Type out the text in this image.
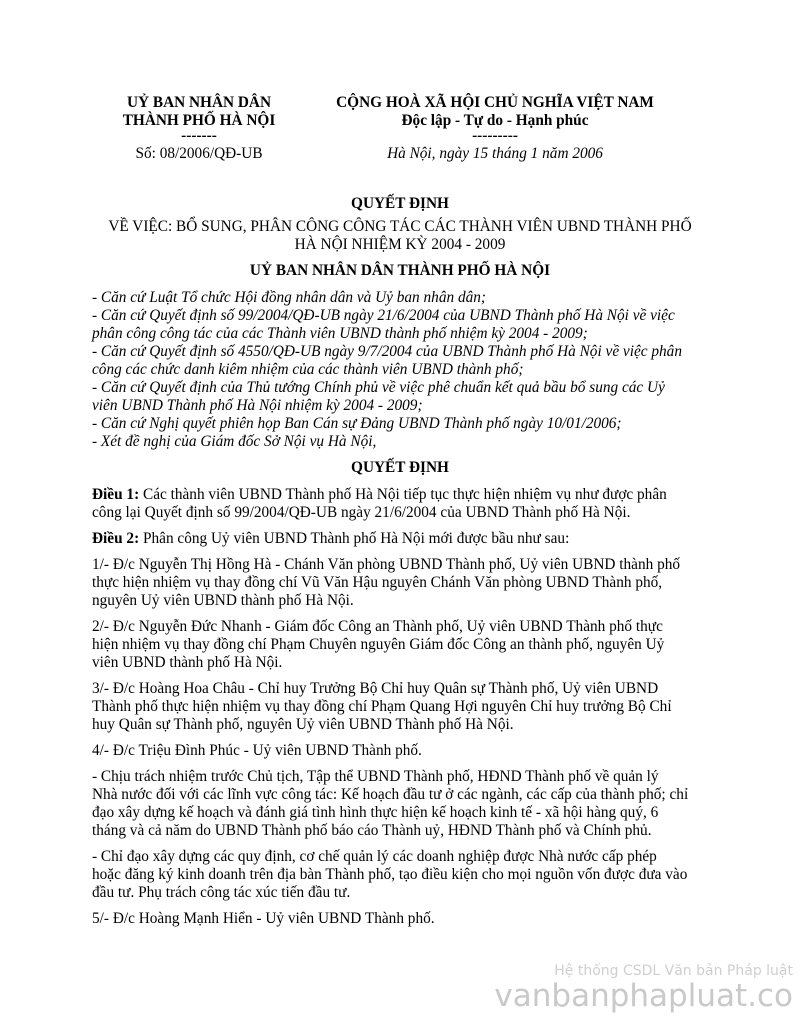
UỶ BAN NHÂN DÂN
THÀNH PHỐ HÀ NỘI
-------
Số: 08/2006/QĐ-UB
CỘNG HOÀ XÃ HỘI CHỦ NGHĨA VIỆT NAM
Độc lập - Tự do - Hạnh phúc
---------
Hà Nội, ngày 15 tháng 1 năm 2006
QUYẾT ĐỊNH
VỀ VIỆC: BỔ SUNG, PHÂN CÔNG CÔNG TÁC CÁC THÀNH VIÊN UBND THÀNH PHỐ
HÀ NỘI NHIỆM KỲ 2004 - 2009
UỶ BAN NHÂN DÂN THÀNH PHỐ HÀ NỘI
- Căn cứ Luật Tổ chức Hội đồng nhân dân và Uỷ ban nhân dân;
- Căn cứ Quyết định số 99/2004/QĐ-UB ngày 21/6/2004 của UBND Thành phố Hà Nội về việc
phân công công tác của các Thành viên UBND thành phố nhiệm kỳ 2004 - 2009;
- Căn cứ Quyết định số 4550/QĐ-UB ngày 9/7/2004 của UBND Thành phố Hà Nội về việc phân
công các chức danh kiêm nhiệm của các thành viên UBND thành phố;
- Căn cứ Quyết định của Thủ tướng Chính phủ về việc phê chuẩn kết quả bầu bổ sung các Uỷ
viên UBND Thành phố Hà Nội nhiệm kỳ 2004 - 2009;
- Căn cứ Nghị quyết phiên họp Ban Cán sự Đảng UBND Thành phố ngày 10/01/2006;
- Xét đề nghị của Giám đốc Sở Nội vụ Hà Nội,
QUYẾT ĐỊNH
Điều 1: Các thành viên UBND Thành phố Hà Nội tiếp tục thực hiện nhiệm vụ như được phân
công lại Quyết định số 99/2004/QĐ-UB ngày 21/6/2004 của UBND Thành phố Hà Nội.
Điều 2: Phân công Uỷ viên UBND Thành phố Hà Nội mới được bầu như sau:
1/- Đ/c Nguyễn Thị Hồng Hà - Chánh Văn phòng UBND Thành phố, Uỷ viên UBND thành phố
thực hiện nhiệm vụ thay đồng chí Vũ Văn Hậu nguyên Chánh Văn phòng UBND Thành phố,
nguyên Uỷ viên UBND thành phố Hà Nội.
2/- Đ/c Nguyễn Đức Nhanh - Giám đốc Công an Thành phố, Uỷ viên UBND Thành phố thực
hiện nhiệm vụ thay đồng chí Phạm Chuyên nguyên Giám đốc Công an thành phố, nguyên Uỷ
viên UBND thành phố Hà Nội.
3/- Đ/c Hoàng Hoa Châu - Chỉ huy Trưởng Bộ Chỉ huy Quân sự Thành phố, Uỷ viên UBND
Thành phố thực hiện nhiệm vụ thay đồng chí Phạm Quang Hợi nguyên Chỉ huy trưởng Bộ Chỉ
huy Quân sự Thành phố, nguyên Uỷ viên UBND Thành phố Hà Nội.
4/- Đ/c Triệu Đình Phúc - Uỷ viên UBND Thành phố.
- Chịu trách nhiệm trước Chủ tịch, Tập thể UBND Thành phố, HĐND Thành phố về quản lý
Nhà nước đối với các lĩnh vực công tác: Kế hoạch đầu tư ở các ngành, các cấp của thành phố; chỉ
đạo xây dựng kế hoạch và đánh giá tình hình thực hiện kế hoạch kinh tế - xã hội hàng quý, 6
tháng và cả năm do UBND Thành phố báo cáo Thành uỷ, HĐND Thành phố và Chính phủ.
- Chỉ đạo xây dựng các quy định, cơ chế quản lý các doanh nghiệp được Nhà nước cấp phép
hoặc đăng ký kinh doanh trên địa bàn Thành phố, tạo điều kiện cho mọi nguồn vốn được đưa vào
đầu tư. Phụ trách công tác xúc tiến đầu tư.
5/- Đ/c Hoàng Mạnh Hiển - Uỷ viên UBND Thành phố.
Hệ thống CSDL Văn bản Pháp luật
vanbanphapluat.co
